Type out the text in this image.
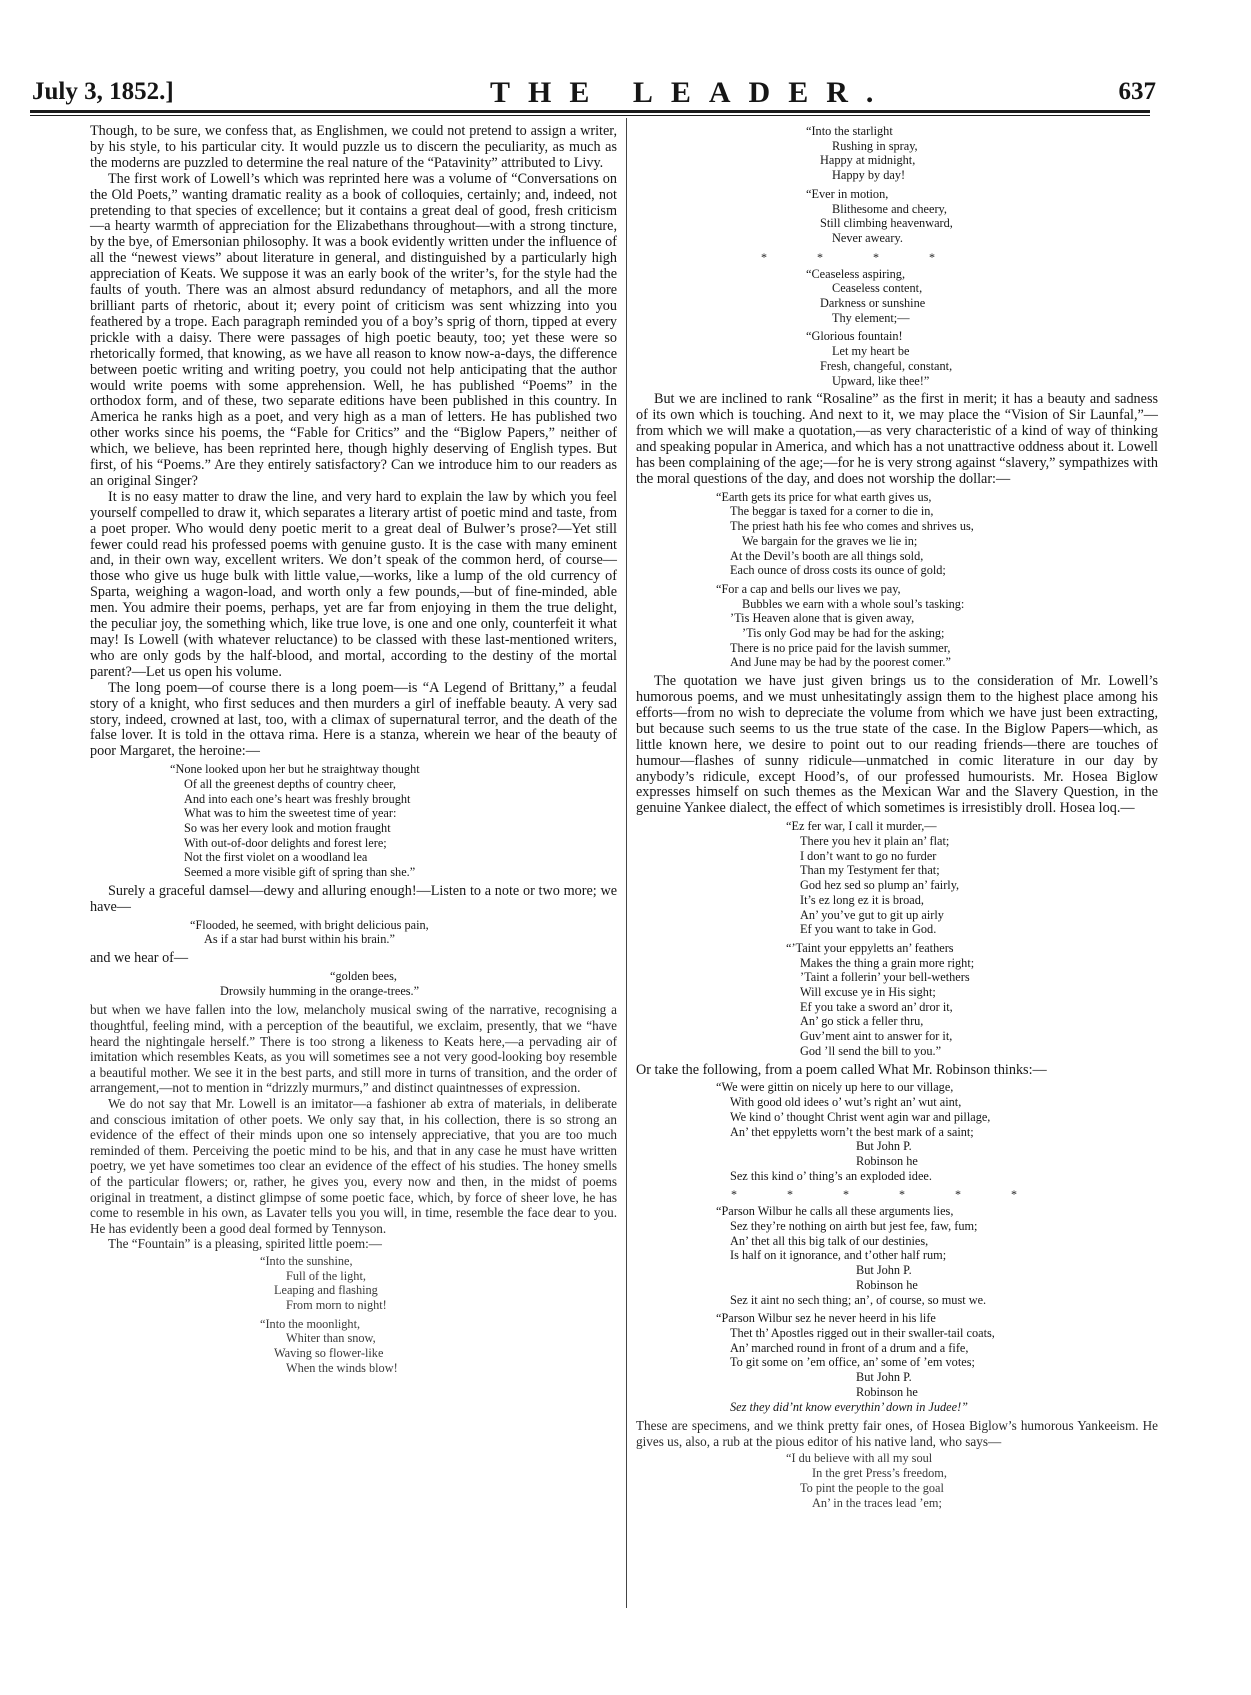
July 3, 1852.]	THE LEADER.	637

Though, to be sure, we confess that, as Englishmen, we could not pretend to assign a writer, by his style, to his particular city. It would puzzle us to discern the peculiarity, as much as the moderns are puzzled to determine the real nature of the “Patavinity” attributed to Livy.

The first work of Lowell’s which was reprinted here was a volume of “Conversations on the Old Poets,” wanting dramatic reality as a book of colloquies, certainly; and, indeed, not pretending to that species of excellence; but it contains a great deal of good, fresh criticism—a hearty warmth of appreciation for the Elizabethans throughout—with a strong tincture, by the bye, of Emersonian philosophy. It was a book evidently written under the influence of all the “newest views” about literature in general, and distinguished by a particularly high appreciation of Keats. We suppose it was an early book of the writer’s, for the style had the faults of youth. There was an almost absurd redundancy of metaphors, and all the more brilliant parts of rhetoric, about it; every point of criticism was sent whizzing into you feathered by a trope. Each paragraph reminded you of a boy’s sprig of thorn, tipped at every prickle with a daisy. There were passages of high poetic beauty, too; yet these were so rhetorically formed, that knowing, as we have all reason to know now-a-days, the difference between poetic writing and writing poetry, you could not help anticipating that the author would write poems with some apprehension. Well, he has published “Poems” in the orthodox form, and of these, two separate editions have been published in this country. In America he ranks high as a poet, and very high as a man of letters. He has published two other works since his poems, the “Fable for Critics” and the “Biglow Papers,” neither of which, we believe, has been reprinted here, though highly deserving of English types. But first, of his “Poems.” Are they entirely satisfactory? Can we introduce him to our readers as an original Singer?

It is no easy matter to draw the line, and very hard to explain the law by which you feel yourself compelled to draw it, which separates a literary artist of poetic mind and taste, from a poet proper. Who would deny poetic merit to a great deal of Bulwer’s prose?—Yet still fewer could read his professed poems with genuine gusto. It is the case with many eminent and, in their own way, excellent writers. We don’t speak of the common herd, of course—those who give us huge bulk with little value,—works, like a lump of the old currency of Sparta, weighing a wagon-load, and worth only a few pounds,—but of fine-minded, able men. You admire their poems, perhaps, yet are far from enjoying in them the true delight, the peculiar joy, the something which, like true love, is one and one only, counterfeit it what may! Is Lowell (with whatever reluctance) to be classed with these last-mentioned writers, who are only gods by the half-blood, and mortal, according to the destiny of the mortal parent?—Let us open his volume.

The long poem—of course there is a long poem—is “A Legend of Brittany,” a feudal story of a knight, who first seduces and then murders a girl of ineffable beauty. A very sad story, indeed, crowned at last, too, with a climax of supernatural terror, and the death of the false lover. It is told in the ottava rima. Here is a stanza, wherein we hear of the beauty of poor Margaret, the heroine:—

“None looked upon her but he straightway thought
Of all the greenest depths of country cheer,
And into each one’s heart was freshly brought
What was to him the sweetest time of year:
So was her every look and motion fraught
With out-of-door delights and forest lere;
Not the first violet on a woodland lea
Seemed a more visible gift of spring than she.”

Surely a graceful damsel—dewy and alluring enough!—Listen to a note or two more; we have—

“Flooded, he seemed, with bright delicious pain,
As if a star had burst within his brain.”

and we hear of—

“golden bees,
Drowsily humming in the orange-trees.”

but when we have fallen into the low, melancholy musical swing of the narrative, recognising a thoughtful, feeling mind, with a perception of the beautiful, we exclaim, presently, that we “have heard the nightingale herself.” There is too strong a likeness to Keats here,—a pervading air of imitation which resembles Keats, as you will sometimes see a not very good-looking boy resemble a beautiful mother. We see it in the best parts, and still more in turns of transition, and the order of arrangement,—not to mention in “drizzly murmurs,” and distinct quaintnesses of expression.

We do not say that Mr. Lowell is an imitator—a fashioner ab extra of materials, in deliberate and conscious imitation of other poets. We only say that, in his collection, there is so strong an evidence of the effect of their minds upon one so intensely appreciative, that you are too much reminded of them. Perceiving the poetic mind to be his, and that in any case he must have written poetry, we yet have sometimes too clear an evidence of the effect of his studies. The honey smells of the particular flowers; or, rather, he gives you, every now and then, in the midst of poems original in treatment, a distinct glimpse of some poetic face, which, by force of sheer love, he has come to resemble in his own, as Lavater tells you you will, in time, resemble the face dear to you. He has evidently been a good deal formed by Tennyson.

The “Fountain” is a pleasing, spirited little poem:—

“Into the sunshine,
Full of the light,
Leaping and flashing
From morn to night!
“Into the moonlight,
Whiter than snow,
Waving so flower-like
When the winds blow!
“Into the starlight
Rushing in spray,
Happy at midnight,
Happy by day!
“Ever in motion,
Blithesome and cheery,
Still climbing heavenward,
Never aweary.
*	*	*	*
“Ceaseless aspiring,
Ceaseless content,
Darkness or sunshine
Thy element;—
“Glorious fountain!
Let my heart be
Fresh, changeful, constant,
Upward, like thee!”

But we are inclined to rank “Rosaline” as the first in merit; it has a beauty and sadness of its own which is touching. And next to it, we may place the “Vision of Sir Launfal,”—from which we will make a quotation,—as very characteristic of a kind of way of thinking and speaking popular in America, and which has a not unattractive oddness about it. Lowell has been complaining of the age;—for he is very strong against “slavery,” sympathizes with the moral questions of the day, and does not worship the dollar:—

“Earth gets its price for what earth gives us,
The beggar is taxed for a corner to die in,
The priest hath his fee who comes and shrives us,
We bargain for the graves we lie in;
At the Devil’s booth are all things sold,
Each ounce of dross costs its ounce of gold;
“For a cap and bells our lives we pay,
Bubbles we earn with a whole soul’s tasking:
’Tis Heaven alone that is given away,
’Tis only God may be had for the asking;
There is no price paid for the lavish summer,
And June may be had by the poorest comer.”

The quotation we have just given brings us to the consideration of Mr. Lowell’s humorous poems, and we must unhesitatingly assign them to the highest place among his efforts—from no wish to depreciate the volume from which we have just been extracting, but because such seems to us the true state of the case. In the Biglow Papers—which, as little known here, we desire to point out to our reading friends—there are touches of humour—flashes of sunny ridicule—unmatched in comic literature in our day by anybody’s ridicule, except Hood’s, of our professed humourists. Mr. Hosea Biglow expresses himself on such themes as the Mexican War and the Slavery Question, in the genuine Yankee dialect, the effect of which sometimes is irresistibly droll. Hosea loq.—

“Ez fer war, I call it murder,—
There you hev it plain an’ flat;
I don’t want to go no furder
Than my Testyment fer that;
God hez sed so plump an’ fairly,
It’s ez long ez it is broad,
An’ you’ve gut to git up airly
Ef you want to take in God.
“’Taint your eppyletts an’ feathers
Makes the thing a grain more right;
’Taint a follerin’ your bell-wethers
Will excuse ye in His sight;
Ef you take a sword an’ dror it,
An’ go stick a feller thru,
Guv’ment aint to answer for it,
God ’ll send the bill to you.”

Or take the following, from a poem called What Mr. Robinson thinks:—

“We were gittin on nicely up here to our village,
With good old idees o’ wut’s right an’ wut aint,
We kind o’ thought Christ went agin war and pillage,
An’ thet eppyletts worn’t the best mark of a saint;
But John P.
Robinson he
Sez this kind o’ thing’s an exploded idee.
*	*	*	*	*	*
“Parson Wilbur he calls all these arguments lies,
Sez they’re nothing on airth but jest fee, faw, fum;
An’ thet all this big talk of our destinies,
Is half on it ignorance, and t’other half rum;
But John P.
Robinson he
Sez it aint no sech thing; an’, of course, so must we.
“Parson Wilbur sez he never heerd in his life
Thet th’ Apostles rigged out in their swaller-tail coats,
An’ marched round in front of a drum and a fife,
To git some on ’em office, an’ some of ’em votes;
But John P.
Robinson he
Sez they did’nt know everythin’ down in Judee!”

These are specimens, and we think pretty fair ones, of Hosea Biglow’s humorous Yankeeism. He gives us, also, a rub at the pious editor of his native land, who says—

“I du believe with all my soul
In the gret Press’s freedom,
To pint the people to the goal
An’ in the traces lead ’em;
